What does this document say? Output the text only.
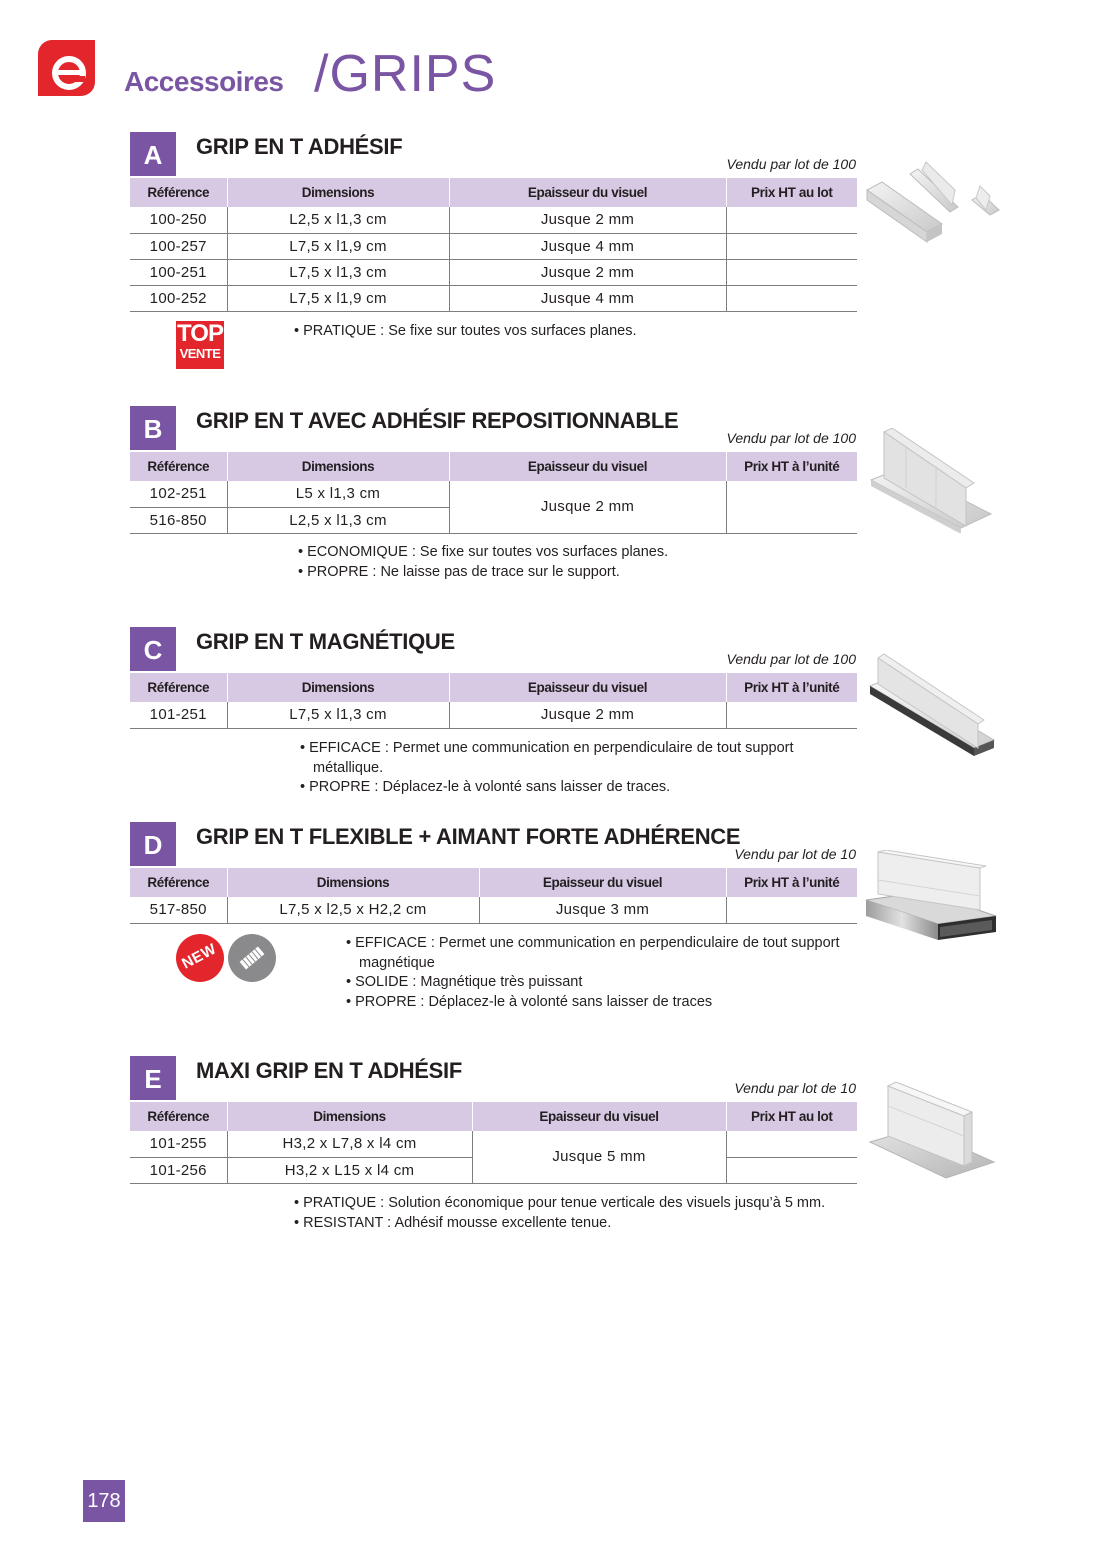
Accessoires /GRIPS
A	GRIP EN T ADHÉSIF
Vendu par lot de 100
Référence	Dimensions	Epaisseur du visuel	Prix HT au lot
100-250	L2,5 x l1,3 cm	Jusque 2 mm	
100-257	L7,5 x l1,9 cm	Jusque 4 mm	
100-251	L7,5 x l1,3 cm	Jusque 2 mm	
100-252	L7,5 x l1,9 cm	Jusque 4 mm	
TOP
VENTE
• PRATIQUE : Se fixe sur toutes vos surfaces planes.
B	GRIP EN T AVEC ADHÉSIF REPOSITIONNABLE
Vendu par lot de 100
Référence	Dimensions	Epaisseur du visuel	Prix HT à l’unité
102-251	L5 x l1,3 cm	Jusque 2 mm	
516-850	L2,5 x l1,3 cm		
• ECONOMIQUE : Se fixe sur toutes vos surfaces planes.
• PROPRE : Ne laisse pas de trace sur le support.
C	GRIP EN T MAGNÉTIQUE
Vendu par lot de 100
Référence	Dimensions	Epaisseur du visuel	Prix HT à l’unité
101-251	L7,5 x l1,3 cm	Jusque 2 mm	
• EFFICACE : Permet une communication en perpendiculaire de tout support métallique.
• PROPRE : Déplacez-le à volonté sans laisser de traces.
D	GRIP EN T FLEXIBLE + AIMANT FORTE ADHÉRENCE
Vendu par lot de 10
Référence	Dimensions	Epaisseur du visuel	Prix HT à l’unité
517-850	L7,5 x l2,5 x H2,2 cm	Jusque 3 mm	
NEW	• EFFICACE : Permet une communication en perpendiculaire de tout support magnétique
• SOLIDE : Magnétique très puissant
• PROPRE : Déplacez-le à volonté sans laisser de traces
E	MAXI GRIP EN T ADHÉSIF
Vendu par lot de 10
Référence	Dimensions	Epaisseur du visuel	Prix HT au lot
101-255	H3,2 x L7,8 x l4 cm	Jusque 5 mm	
101-256	H3,2 x L15 x l4 cm		
• PRATIQUE : Solution économique pour tenue verticale des visuels jusqu’à 5 mm.
• RESISTANT : Adhésif mousse excellente tenue.
178
